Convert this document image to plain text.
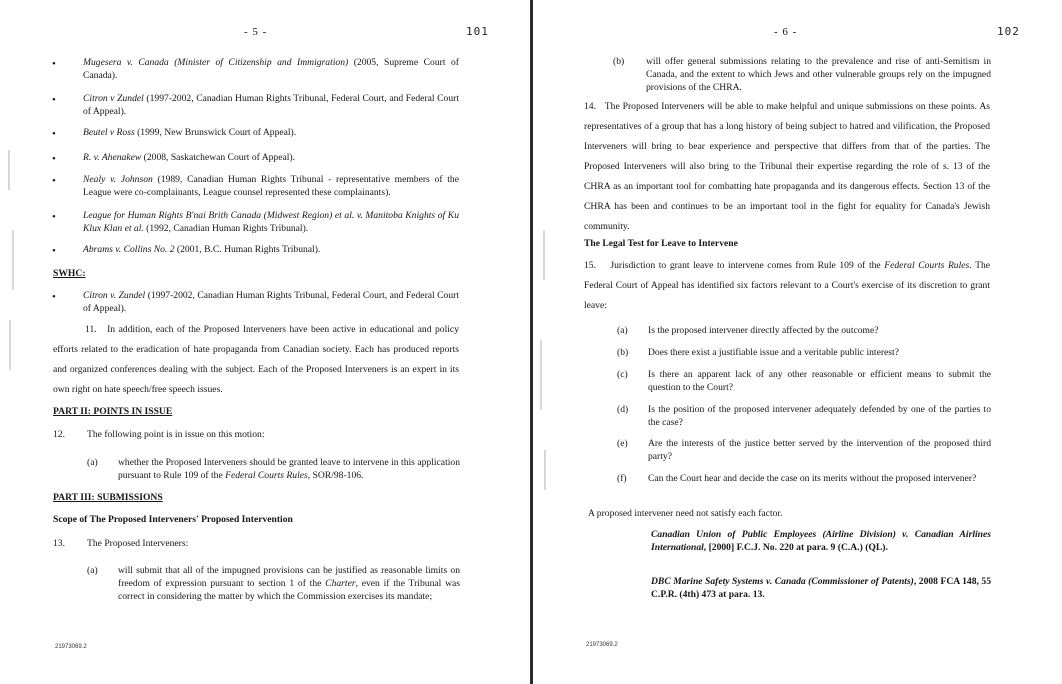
- 5 -	101
•	Mugesera v. Canada (Minister of Citizenship and Immigration) (2005, Supreme Court of Canada).

•	Citron v Zundel (1997-2002, Canadian Human Rights Tribunal, Federal Court, and Federal Court of Appeal).

•	Beutel v Ross (1999, New Brunswick Court of Appeal).

•	R. v. Ahenakew (2008, Saskatchewan Court of Appeal).

•	Nealy v. Johnson (1989, Canadian Human Rights Tribunal - representative members of the League were co-complainants, League counsel represented these complainants).

•	League for Human Rights B'nai Brith Canada (Midwest Region) et al. v. Manitoba Knights of Ku Klux Klan et al. (1992, Canadian Human Rights Tribunal).

•	Abrams v. Collins No. 2 (2001, B.C. Human Rights Tribunal).

SWHC:
•	Citron v. Zundel (1997-2002, Canadian Human Rights Tribunal, Federal Court, and Federal Court of Appeal).

11. In addition, each of the Proposed Interveners have been active in educational and policy efforts related to the eradication of hate propaganda from Canadian society. Each has produced reports and organized conferences dealing with the subject. Each of the Proposed Interveners is an expert in its own right on hate speech/free speech issues.

PART II: POINTS IN ISSUE
12. The following point is in issue on this motion:

(a) whether the Proposed Interveners should be granted leave to intervene in this application pursuant to Rule 109 of the Federal Courts Rules, SOR/98-106.

PART III: SUBMISSIONS
Scope of The Proposed Interveners' Proposed Intervention
13. The Proposed Interveners:

(a) will submit that all of the impugned provisions can be justified as reasonable limits on freedom of expression pursuant to section 1 of the Charter, even if the Tribunal was correct in considering the matter by which the Commission exercises its mandate;

21973069.2
- 6 -	102
(b) will offer general submissions relating to the prevalence and rise of anti-Semitism in Canada, and the extent to which Jews and other vulnerable groups rely on the impugned provisions of the CHRA.

14. The Proposed Interveners will be able to make helpful and unique submissions on these points. As representatives of a group that has a long history of being subject to hatred and vilification, the Proposed Interveners will bring to bear experience and perspective that differs from that of the parties. The Proposed Interveners will also bring to the Tribunal their expertise regarding the role of s. 13 of the CHRA as an important tool for combatting hate propaganda and its dangerous effects. Section 13 of the CHRA has been and continues to be an important tool in the fight for equality for Canada's Jewish community.

The Legal Test for Leave to Intervene

15. Jurisdiction to grant leave to intervene comes from Rule 109 of the Federal Courts Rules. The Federal Court of Appeal has identified six factors relevant to a Court's exercise of its discretion to grant leave:

(a) Is the proposed intervener directly affected by the outcome?

(b) Does there exist a justifiable issue and a veritable public interest?

(c) Is there an apparent lack of any other reasonable or efficient means to submit the question to the Court?

(d) Is the position of the proposed intervener adequately defended by one of the parties to the case?

(e) Are the interests of the justice better served by the intervention of the proposed third party?

(f) Can the Court hear and decide the case on its merits without the proposed intervener?

A proposed intervener need not satisfy each factor.

Canadian Union of Public Employees (Airline Division) v. Canadian Airlines International, [2000] F.C.J. No. 220 at para. 9 (C.A.) (QL).

DBC Marine Safety Systems v. Canada (Commissioner of Patents), 2008 FCA 148, 55 C.P.R. (4th) 473 at para. 13.

21973069.2
